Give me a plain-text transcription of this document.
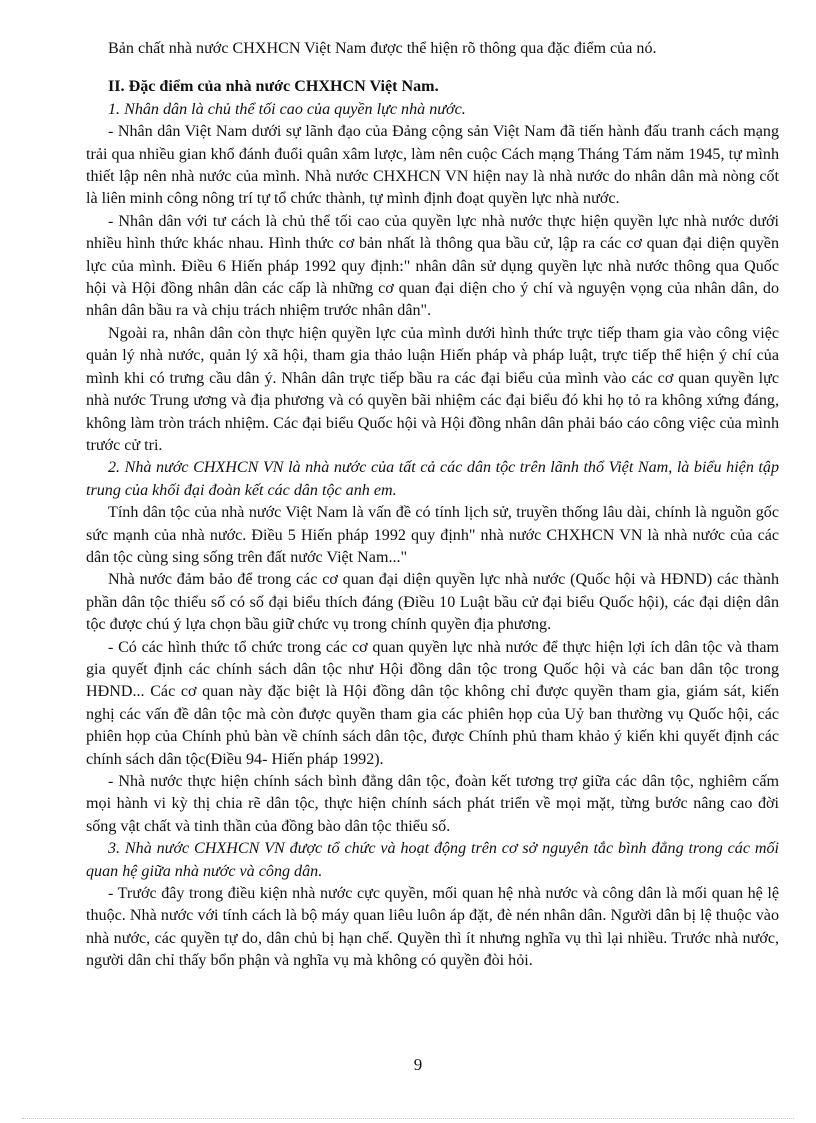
Bản chất nhà nước CHXHCN Việt Nam được thể hiện rõ thông qua đặc điểm của nó.

II. Đặc điểm của nhà nước CHXHCN Việt Nam.

1. Nhân dân là chủ thể tối cao của quyền lực nhà nước.

- Nhân dân Việt Nam dưới sự lãnh đạo của Đảng cộng sản Việt Nam đã tiến hành đấu tranh cách mạng trải qua nhiều gian khổ đánh đuổi quân xâm lược, làm nên cuộc Cách mạng Tháng Tám năm 1945, tự mình thiết lập nên nhà nước của mình. Nhà nước CHXHCN VN hiện nay là nhà nước do nhân dân mà nòng cốt là liên minh công nông trí tự tổ chức thành, tự mình định đoạt quyền lực nhà nước.

- Nhân dân với tư cách là chủ thể tối cao của quyền lực nhà nước thực hiện quyền lực nhà nước dưới nhiều hình thức khác nhau. Hình thức cơ bản nhất là thông qua bầu cử, lập ra các cơ quan đại diện quyền lực của mình. Điều 6 Hiến pháp 1992 quy định:" nhân dân sử dụng quyền lực nhà nước thông qua Quốc hội và Hội đồng nhân dân các cấp là những cơ quan đại diện cho ý chí và nguyện vọng của nhân dân, do nhân dân bầu ra và chịu trách nhiệm trước nhân dân".

Ngoài ra, nhân dân còn thực hiện quyền lực của mình dưới hình thức trực tiếp tham gia vào công việc quản lý nhà nước, quản lý xã hội, tham gia thảo luận Hiến pháp và pháp luật, trực tiếp thể hiện ý chí của mình khi có trưng cầu dân ý. Nhân dân trực tiếp bầu ra các đại biểu của mình vào các cơ quan quyền lực nhà nước Trung ương và địa phương và có quyền bãi nhiệm các đại biểu đó khi họ tỏ ra không xứng đáng, không làm tròn trách nhiệm. Các đại biểu Quốc hội và Hội đồng nhân dân phải báo cáo công việc của mình trước cử tri.

2. Nhà nước CHXHCN VN là nhà nước của tất cả các dân tộc trên lãnh thổ Việt Nam, là biểu hiện tập trung của khối đại đoàn kết các dân tộc anh em.

Tính dân tộc của nhà nước Việt Nam là vấn đề có tính lịch sử, truyền thống lâu dài, chính là nguồn gốc sức mạnh của nhà nước. Điều 5 Hiến pháp 1992 quy định" nhà nước CHXHCN VN là nhà nước của các dân tộc cùng sing sống trên đất nước Việt Nam..."

Nhà nước đảm bảo để trong các cơ quan đại diện quyền lực nhà nước (Quốc hội và HĐND) các thành phần dân tộc thiểu số có số đại biểu thích đáng (Điều 10 Luật bầu cử đại biểu Quốc hội), các đại diện dân tộc được chú ý lựa chọn bầu giữ chức vụ trong chính quyền địa phương.

- Có các hình thức tổ chức trong các cơ quan quyền lực nhà nước để thực hiện lợi ích dân tộc và tham gia quyết định các chính sách dân tộc như Hội đồng dân tộc trong Quốc hội và các ban dân tộc trong HĐND... Các cơ quan này đặc biệt là Hội đồng dân tộc không chỉ được quyền tham gia, giám sát, kiến nghị các vấn đề dân tộc mà còn được quyền tham gia các phiên họp của Uỷ ban thường vụ Quốc hội, các phiên họp của Chính phủ bàn về chính sách dân tộc, được Chính phủ tham khảo ý kiến khi quyết định các chính sách dân tộc(Điều 94- Hiến pháp 1992).

- Nhà nước thực hiện chính sách bình đẳng dân tộc, đoàn kết tương trợ giữa các dân tộc, nghiêm cấm mọi hành vi kỳ thị chia rẽ dân tộc, thực hiện chính sách phát triển về mọi mặt, từng bước nâng cao đời sống vật chất và tinh thần của đồng bào dân tộc thiểu số.

3. Nhà nước CHXHCN VN được tổ chức và hoạt động trên cơ sở nguyên tắc bình đẳng trong các mối quan hệ giữa nhà nước và công dân.

- Trước đây trong điều kiện nhà nước cực quyền, mối quan hệ nhà nước và công dân là mối quan hệ lệ thuộc. Nhà nước với tính cách là bộ máy quan liêu luôn áp đặt, đè nén nhân dân. Người dân bị lệ thuộc vào nhà nước, các quyền tự do, dân chủ bị hạn chế. Quyền thì ít nhưng nghĩa vụ thì lại nhiều. Trước nhà nước, người dân chỉ thấy bổn phận và nghĩa vụ mà không có quyền đòi hỏi.

9
